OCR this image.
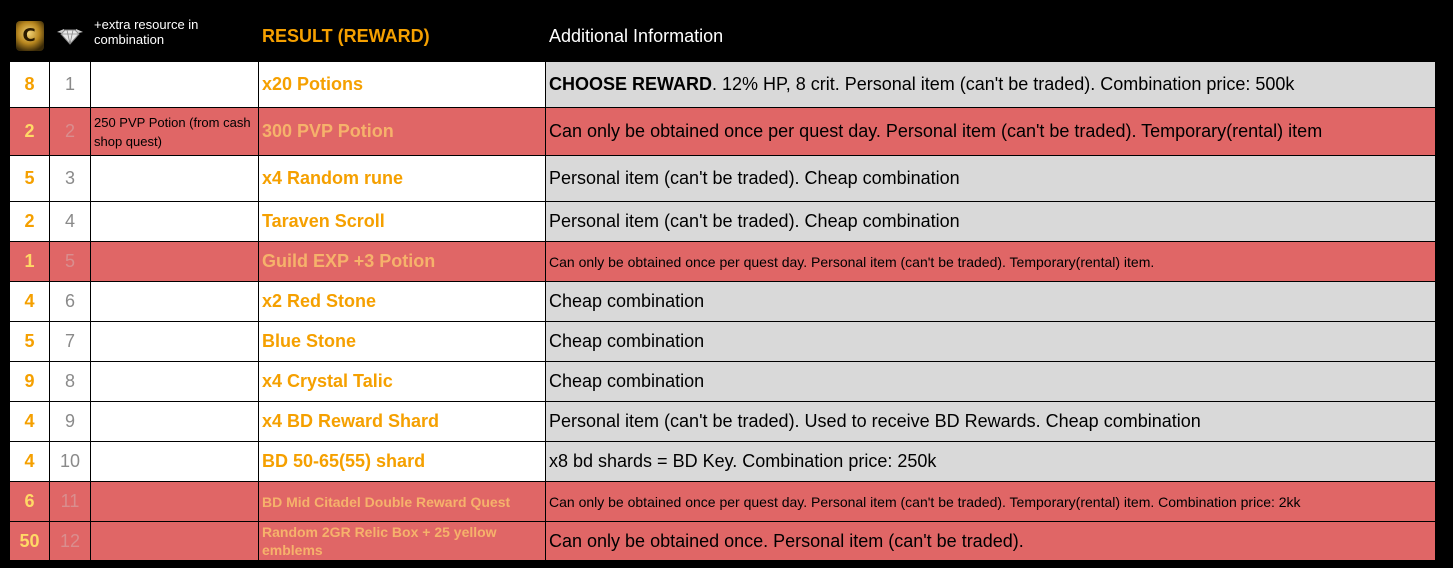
C		+extra resource in combination	RESULT (REWARD)	Additional Information
8	1		x20 Potions	CHOOSE REWARD. 12% HP, 8 crit. Personal item (can't be traded). Combination price: 500k
2	2	250 PVP Potion (from cash shop quest)	300 PVP Potion	Can only be obtained once per quest day. Personal item (can't be traded). Temporary(rental) item
5	3		x4 Random rune	Personal item (can't be traded). Cheap combination
2	4		Taraven Scroll	Personal item (can't be traded). Cheap combination
1	5		Guild EXP +3 Potion	Can only be obtained once per quest day. Personal item (can't be traded). Temporary(rental) item.
4	6		x2 Red Stone	Cheap combination
5	7		Blue Stone	Cheap combination
9	8		x4 Crystal Talic	Cheap combination
4	9		x4 BD Reward Shard	Personal item (can't be traded). Used to receive BD Rewards. Cheap combination
4	10		BD 50-65(55) shard	x8 bd shards = BD Key. Combination price: 250k
6	11		BD Mid Citadel Double Reward Quest	Can only be obtained once per quest day. Personal item (can't be traded). Temporary(rental) item. Combination price: 2kk
50	12		Random 2GR Relic Box + 25 yellow emblems	Can only be obtained once. Personal item (can't be traded).
